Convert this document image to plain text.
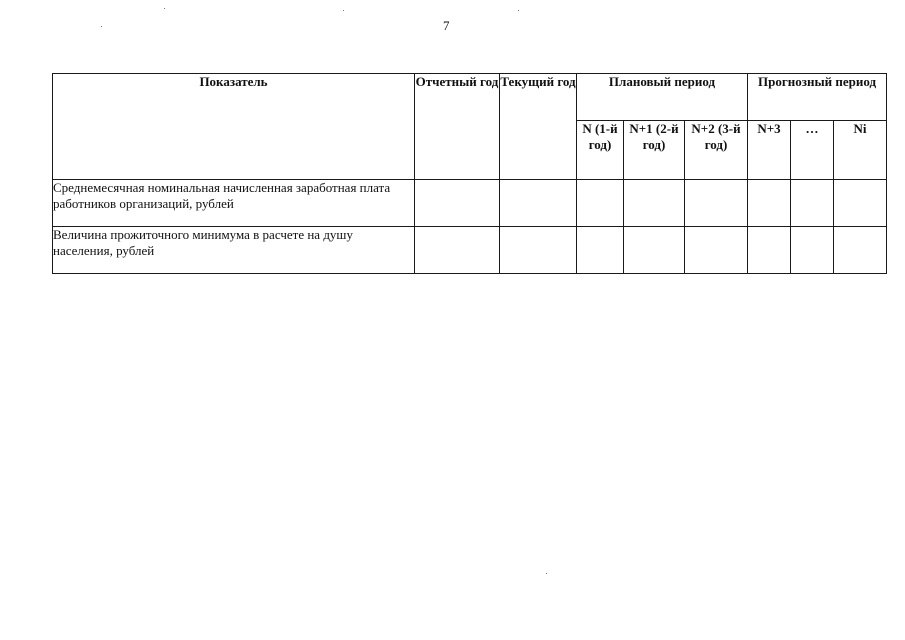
7
Показатель	Отчетный год	Текущий год	Плановый период			Прогнозный период		
			N (1-й год)	N+1 (2-й год)	N+2 (3-й год)	N+3	…	Ni
Среднемесячная номинальная начисленная заработная плата работников организаций, рублей								
Величина прожиточного минимума в расчете на душу населения, рублей								
